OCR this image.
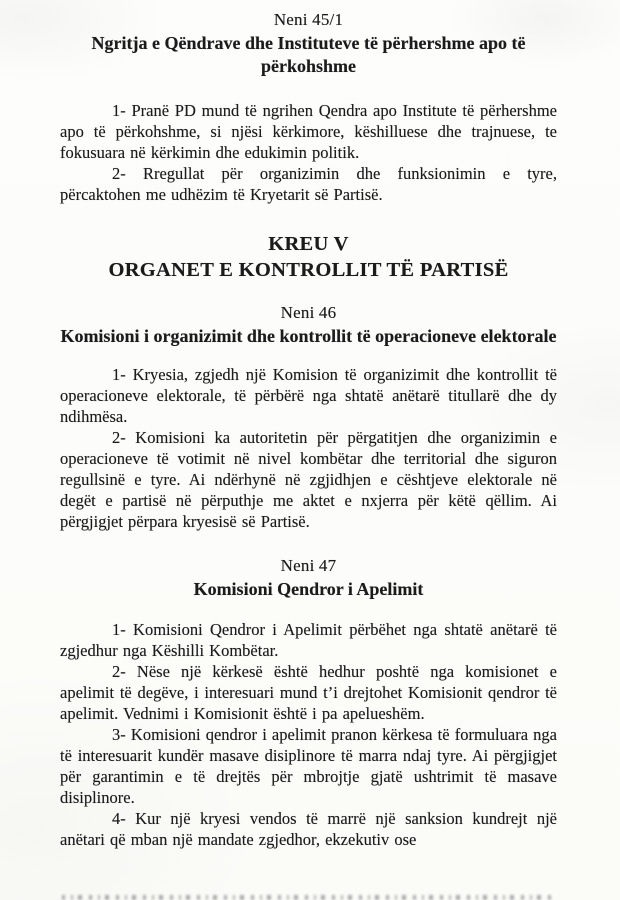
Neni 45/1
Ngritja e Qëndrave dhe Instituteve të përhershme apo të përkohshme

1- Pranë PD mund të ngrihen Qendra apo Institute të përhershme apo të përkohshme, si njësi kërkimore, këshilluese dhe trajnuese, te fokusuara në kërkimin dhe edukimin politik.

2- Rregullat për organizimin dhe funksionimin e tyre, përcaktohen me udhëzim të Kryetarit së Partisë.

KREU V
ORGANET E KONTROLLIT TË PARTISË
Neni 46
Komisioni i organizimit dhe kontrollit të operacioneve elektorale

1- Kryesia, zgjedh një Komision të organizimit dhe kontrollit të operacioneve elektorale, të përbërë nga shtatë anëtarë titullarë dhe dy ndihmësa.

2- Komisioni ka autoritetin për përgatitjen dhe organizimin e operacioneve të votimit në nivel kombëtar dhe territorial dhe siguron regullsinë e tyre. Ai ndërhynë në zgjidhjen e cështjeve elektorale në degët e partisë në përputhje me aktet e nxjerra për këtë qëllim. Ai përgjigjet përpara kryesisë së Partisë.

Neni 47
Komisioni Qendror i Apelimit

1- Komisioni Qendror i Apelimit përbëhet nga shtatë anëtarë të zgjedhur nga Këshilli Kombëtar.

2- Nëse një kërkesë është hedhur poshtë nga komisionet e apelimit të degëve, i interesuari mund t’i drejtohet Komisionit qendror të apelimit. Vednimi i Komisionit është i pa apelueshëm.

3- Komisioni qendror i apelimit pranon kërkesa të formuluara nga të interesuarit kundër masave disiplinore të marra ndaj tyre. Ai përgjigjet për garantimin e të drejtës për mbrojtje gjatë ushtrimit të masave disiplinore.

4- Kur një kryesi vendos të marrë një sanksion kundrejt një anëtari që mban një mandate zgjedhor, ekzekutiv ose
